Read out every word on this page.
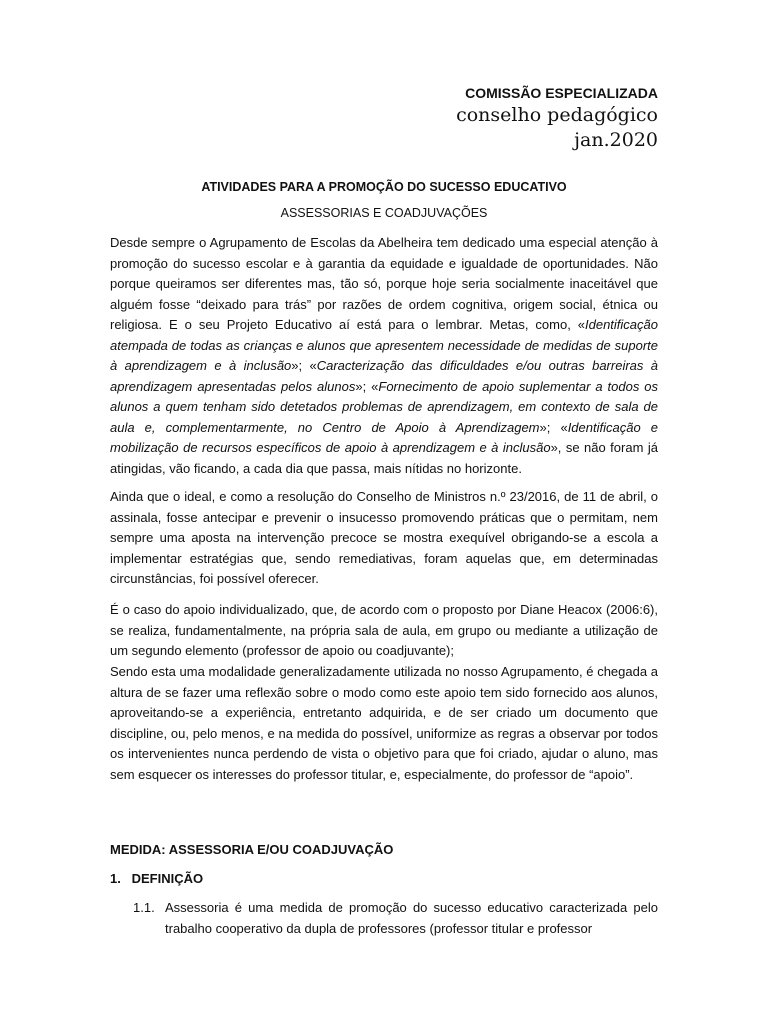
COMISSÃO ESPECIALIZADA
conselho pedagógico
jan.2020
ATIVIDADES PARA A PROMOÇÃO DO SUCESSO EDUCATIVO
ASSESSORIAS E COADJUVAÇÕES

Desde sempre o Agrupamento de Escolas da Abelheira tem dedicado uma especial atenção à promoção do sucesso escolar e à garantia da equidade e igualdade de oportunidades. Não porque queiramos ser diferentes mas, tão só, porque hoje seria socialmente inaceitável que alguém fosse “deixado para trás” por razões de ordem cognitiva, origem social, étnica ou religiosa. E o seu Projeto Educativo aí está para o lembrar. Metas, como, «Identificação atempada de todas as crianças e alunos que apresentem necessidade de medidas de suporte à aprendizagem e à inclusão»; «Caracterização das dificuldades e/ou outras barreiras à aprendizagem apresentadas pelos alunos»; «Fornecimento de apoio suplementar a todos os alunos a quem tenham sido detetados problemas de aprendizagem, em contexto de sala de aula e, complementarmente, no Centro de Apoio à Aprendizagem»; «Identificação e mobilização de recursos específicos de apoio à aprendizagem e à inclusão», se não foram já atingidas, vão ficando, a cada dia que passa, mais nítidas no horizonte.

Ainda que o ideal, e como a resolução do Conselho de Ministros n.º 23/2016, de 11 de abril, o assinala, fosse antecipar e prevenir o insucesso promovendo práticas que o permitam, nem sempre uma aposta na intervenção precoce se mostra exequível obrigando-se a escola a implementar estratégias que, sendo remediativas, foram aquelas que, em determinadas circunstâncias, foi possível oferecer.

É o caso do apoio individualizado, que, de acordo com o proposto por Diane Heacox (2006:6), se realiza, fundamentalmente, na própria sala de aula, em grupo ou mediante a utilização de um segundo elemento (professor de apoio ou coadjuvante);

Sendo esta uma modalidade generalizadamente utilizada no nosso Agrupamento, é chegada a altura de se fazer uma reflexão sobre o modo como este apoio tem sido fornecido aos alunos, aproveitando-se a experiência, entretanto adquirida, e de ser criado um documento que discipline, ou, pelo menos, e na medida do possível, uniformize as regras a observar por todos os intervenientes nunca perdendo de vista o objetivo para que foi criado, ajudar o aluno, mas sem esquecer os interesses do professor titular, e, especialmente, do professor de “apoio”.

MEDIDA: ASSESSORIA E/OU COADJUVAÇÃO
1. DEFINIÇÃO
1.1. Assessoria é uma medida de promoção do sucesso educativo caracterizada pelo trabalho cooperativo da dupla de professores (professor titular e professor
